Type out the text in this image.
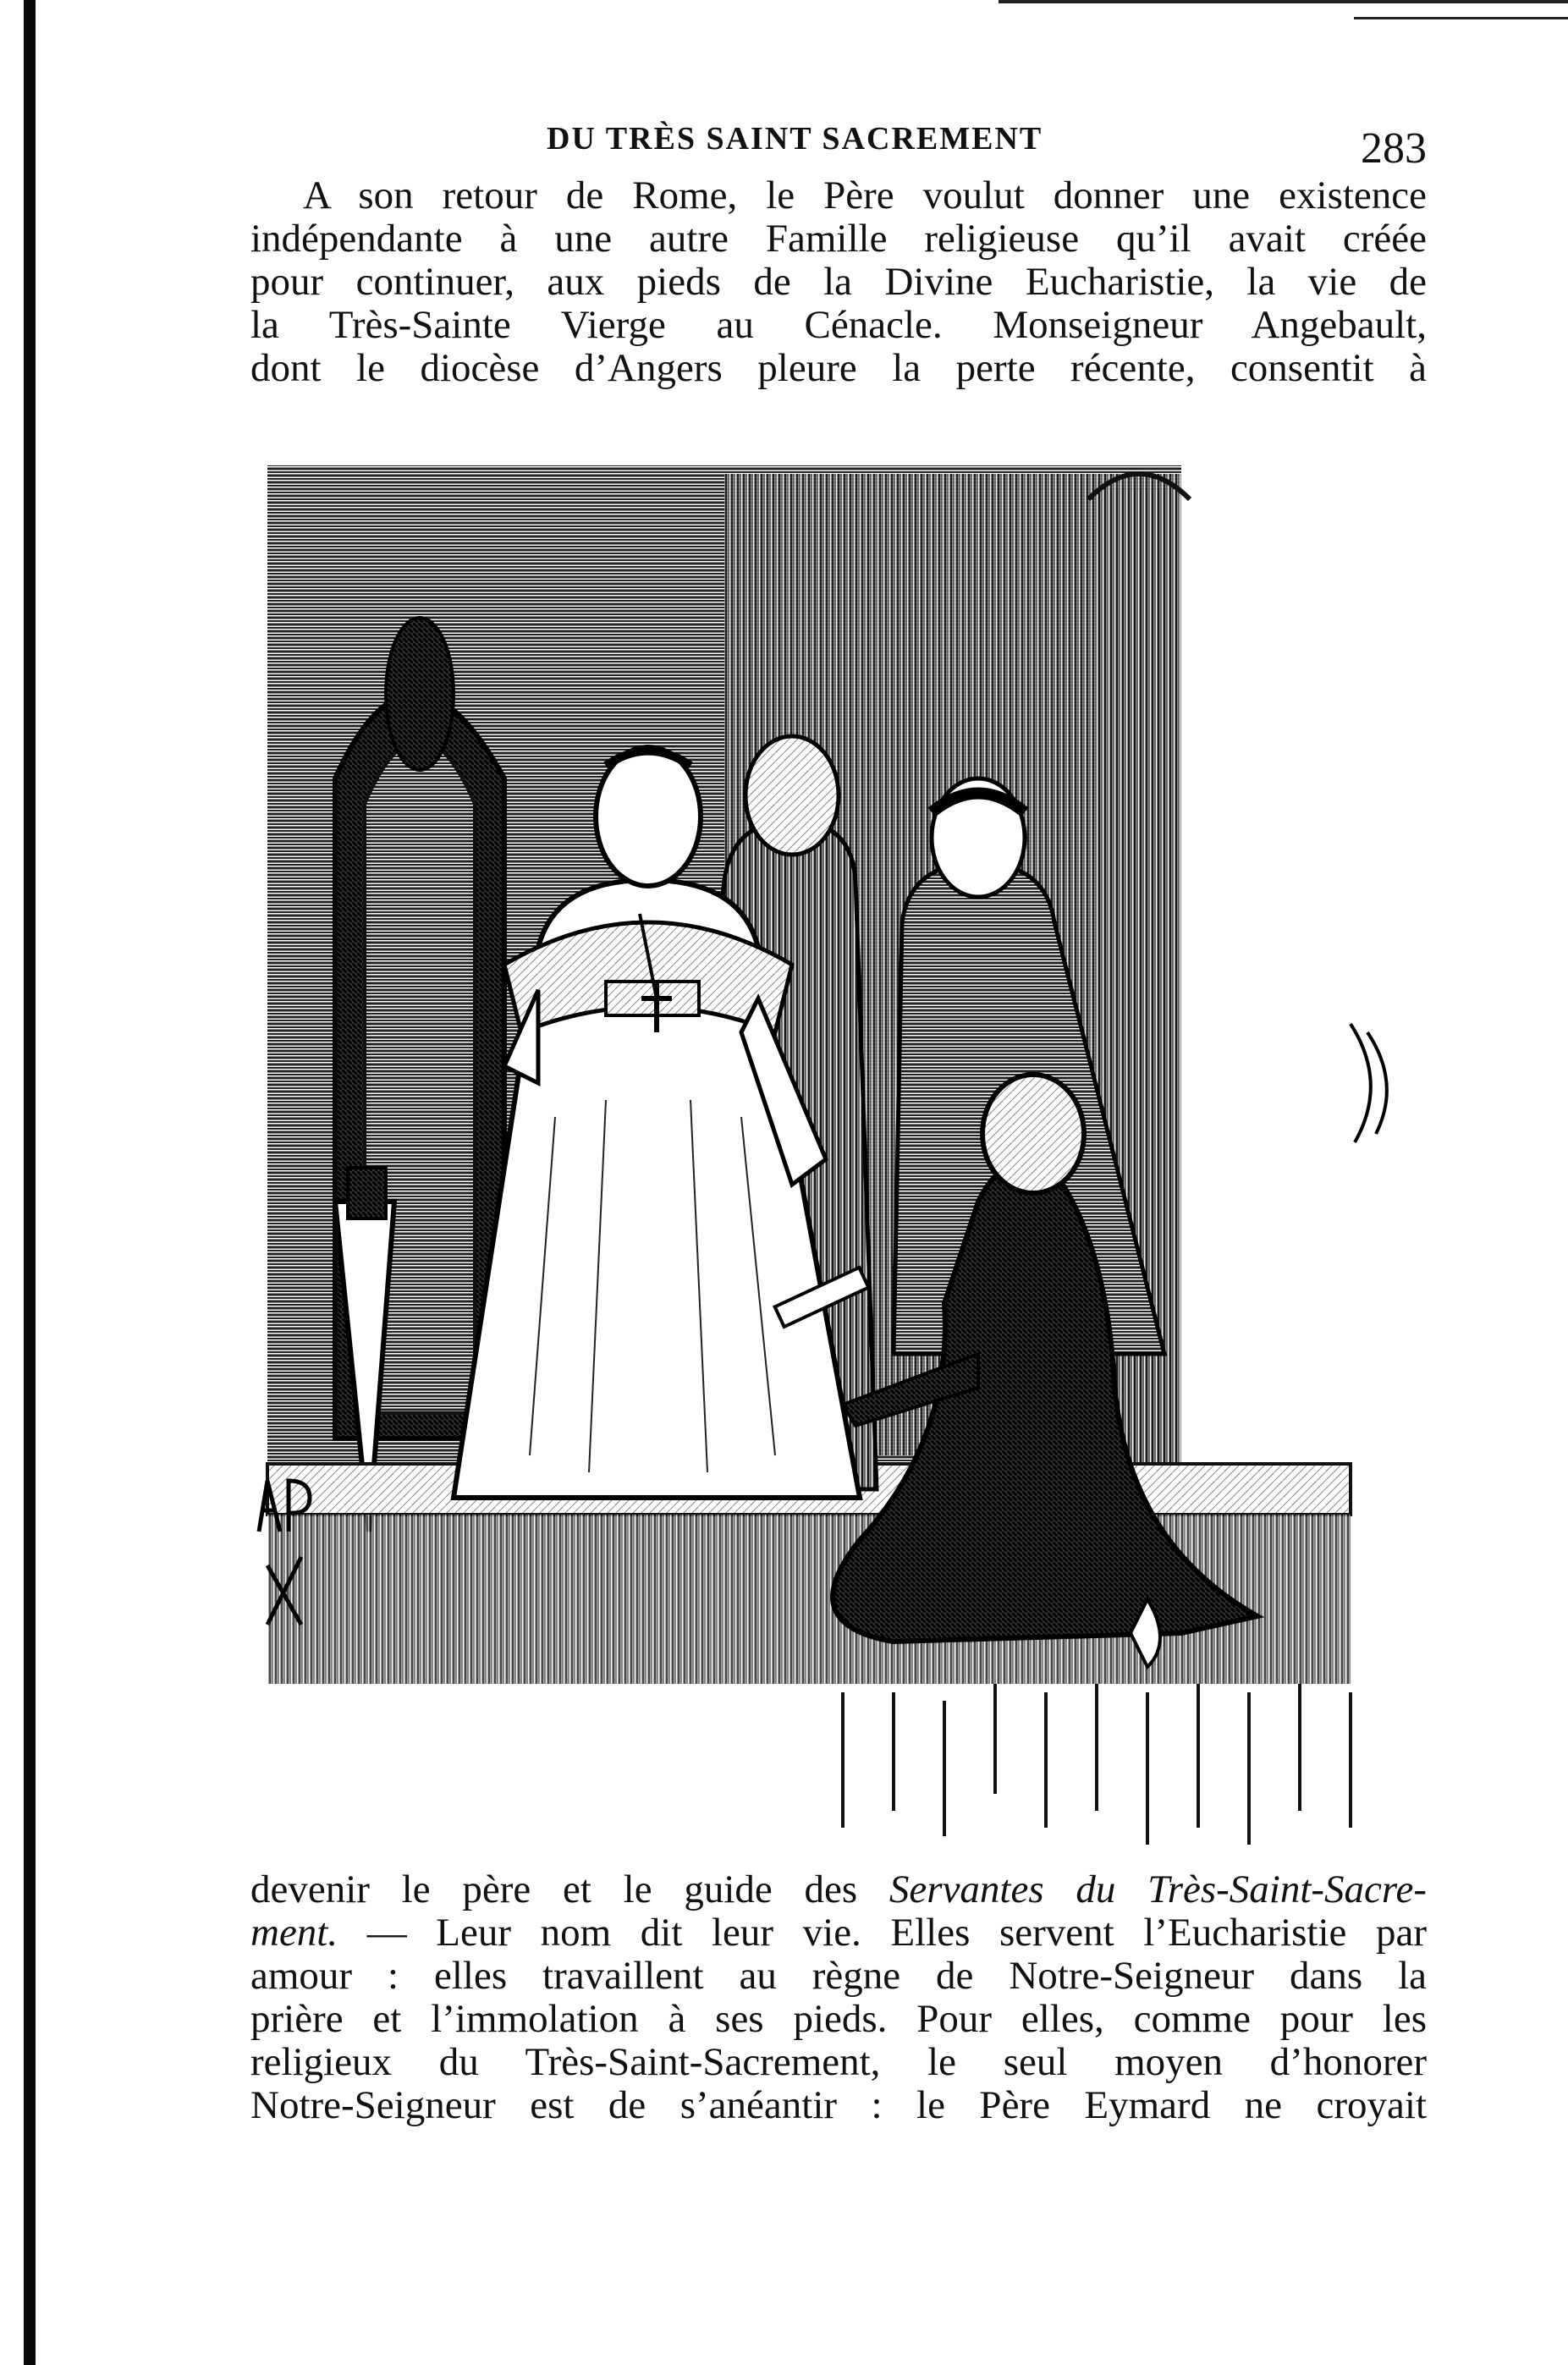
DU TRÈS SAINT SACREMENT	283
A son retour de Rome, le Père voulut donner une existence
indépendante à une autre Famille religieuse qu’il avait créée
pour continuer, aux pieds de la Divine Eucharistie, la vie de
la Très-Sainte Vierge au Cénacle. Monseigneur Angebault,
dont le diocèse d’Angers pleure la perte récente, consentit à
devenir le père et le guide des Servantes du Très-Saint-Sacre-
ment. — Leur nom dit leur vie. Elles servent l’Eucharistie par
amour : elles travaillent au règne de Notre-Seigneur dans la
prière et l’immolation à ses pieds. Pour elles, comme pour les
religieux du Très-Saint-Sacrement, le seul moyen d’honorer
Notre-Seigneur est de s’anéantir : le Père Eymard ne croyait
